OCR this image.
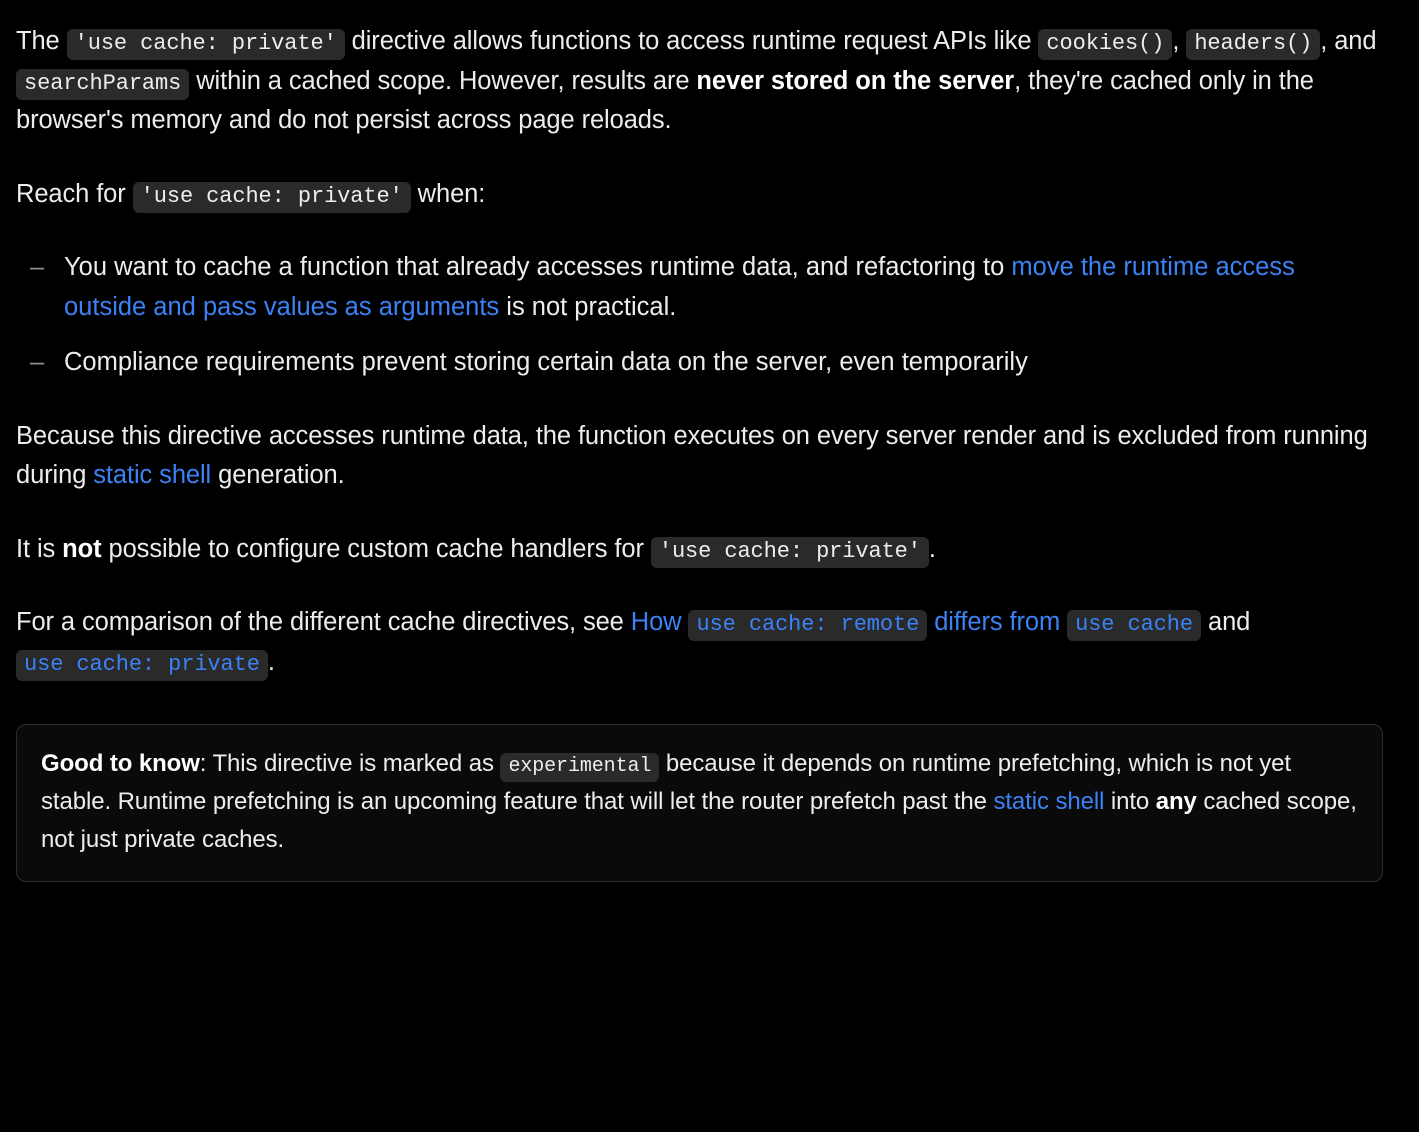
The 'use cache: private' directive allows functions to access runtime request APIs like cookies() , headers() , and searchParams within a cached scope. However, results are never stored on the server, they're cached only in the browser's memory and do not persist across page reloads.

Reach for 'use cache: private' when:

– You want to cache a function that already accesses runtime data, and refactoring to move the runtime access outside and pass values as arguments is not practical.
– Compliance requirements prevent storing certain data on the server, even temporarily

Because this directive accesses runtime data, the function executes on every server render and is excluded from running during static shell generation.

It is not possible to configure custom cache handlers for 'use cache: private' .

For a comparison of the different cache directives, see How use cache: remote differs from use cache and use cache: private .

Good to know: This directive is marked as experimental because it depends on runtime prefetching, which is not yet stable. Runtime prefetching is an upcoming feature that will let the router prefetch past the static shell into any cached scope, not just private caches.
